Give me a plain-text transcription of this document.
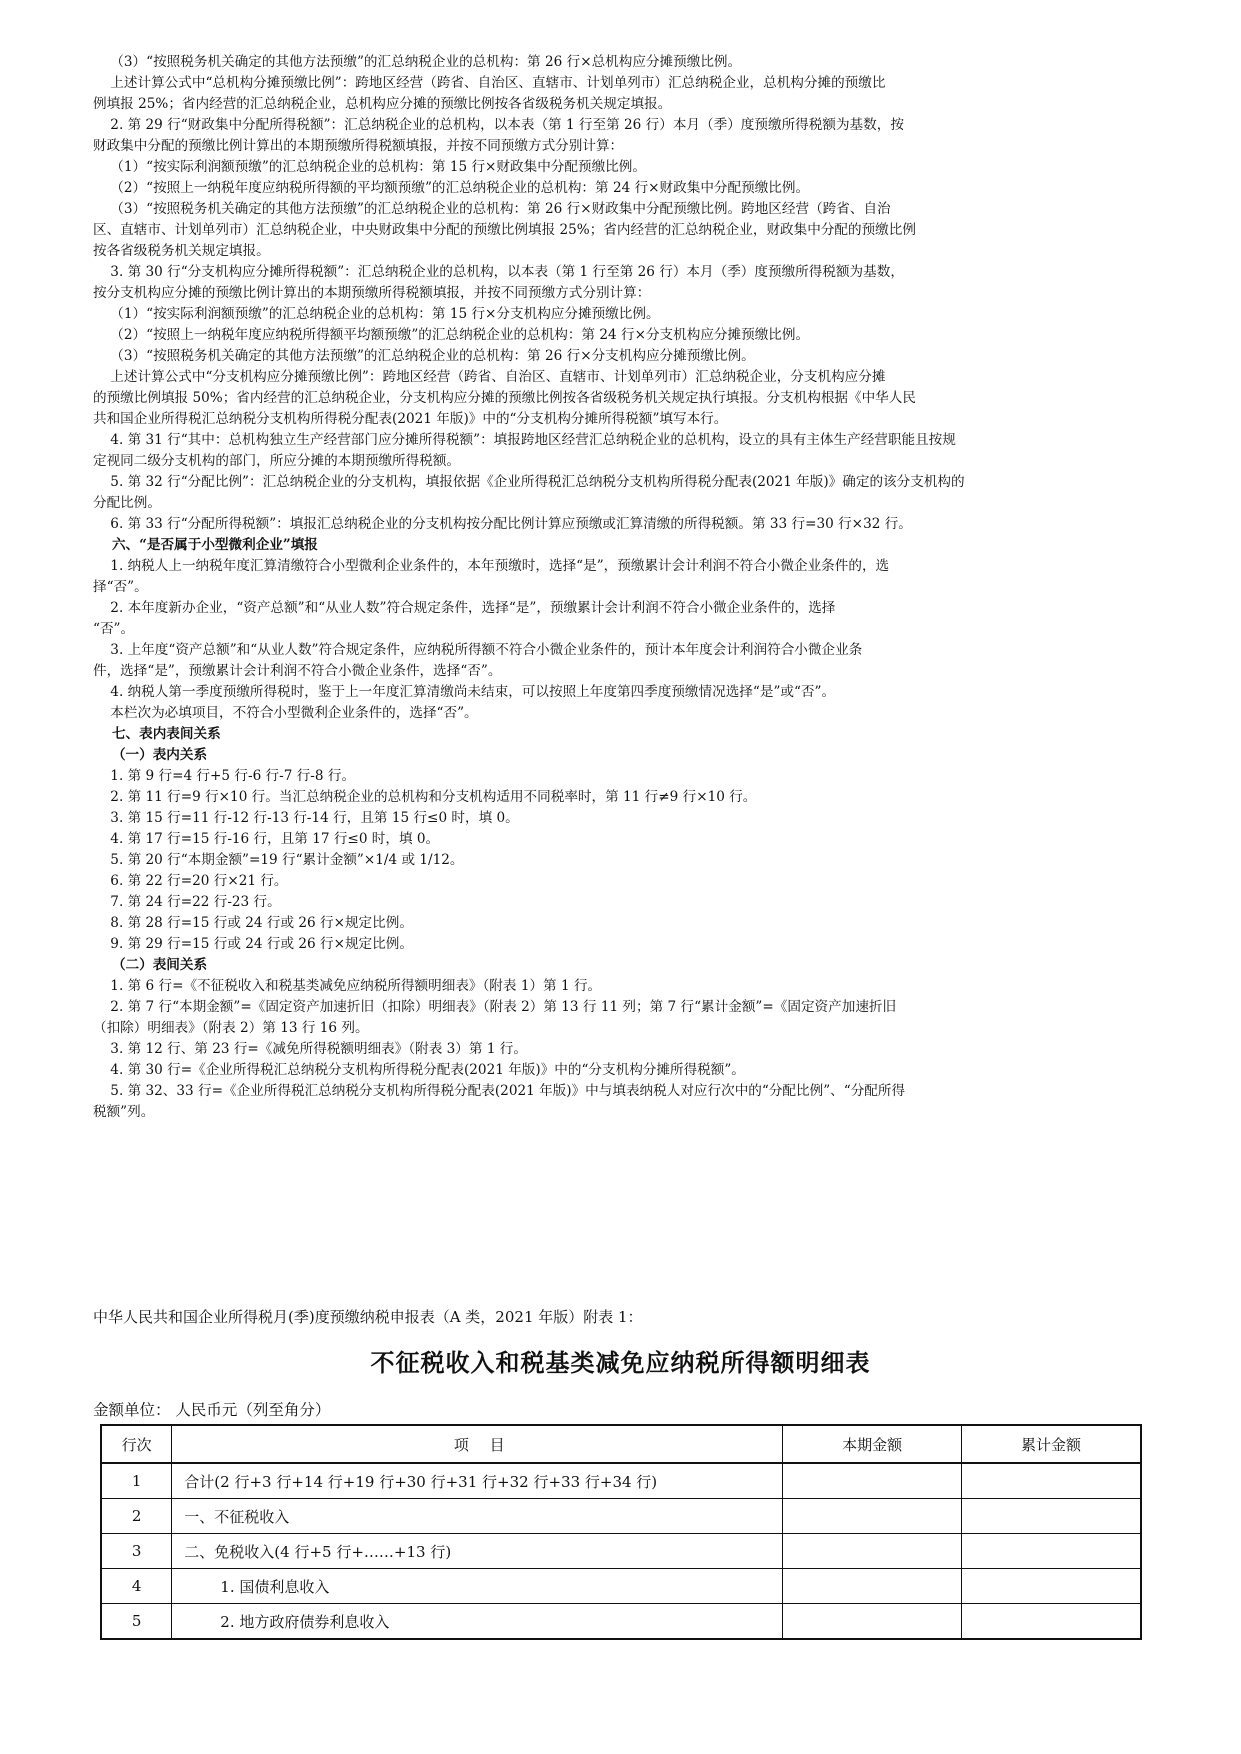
（3）“按照税务机关确定的其他方法预缴”的汇总纳税企业的总机构：第 26 行×总机构应分摊预缴比例。

上述计算公式中“总机构分摊预缴比例”：跨地区经营（跨省、自治区、直辖市、计划单列市）汇总纳税企业，总机构分摊的预缴比

例填报 25%；省内经营的汇总纳税企业，总机构应分摊的预缴比例按各省级税务机关规定填报。

2. 第 29 行“财政集中分配所得税额”：汇总纳税企业的总机构，以本表（第 1 行至第 26 行）本月（季）度预缴所得税额为基数，按

财政集中分配的预缴比例计算出的本期预缴所得税额填报，并按不同预缴方式分别计算：

（1）“按实际利润额预缴”的汇总纳税企业的总机构：第 15 行×财政集中分配预缴比例。

（2）“按照上一纳税年度应纳税所得额的平均额预缴”的汇总纳税企业的总机构：第 24 行×财政集中分配预缴比例。

（3）“按照税务机关确定的其他方法预缴”的汇总纳税企业的总机构：第 26 行×财政集中分配预缴比例。跨地区经营（跨省、自治

区、直辖市、计划单列市）汇总纳税企业，中央财政集中分配的预缴比例填报 25%；省内经营的汇总纳税企业，财政集中分配的预缴比例

按各省级税务机关规定填报。

3. 第 30 行“分支机构应分摊所得税额”：汇总纳税企业的总机构，以本表（第 1 行至第 26 行）本月（季）度预缴所得税额为基数，

按分支机构应分摊的预缴比例计算出的本期预缴所得税额填报，并按不同预缴方式分别计算：

（1）“按实际利润额预缴”的汇总纳税企业的总机构：第 15 行×分支机构应分摊预缴比例。

（2）“按照上一纳税年度应纳税所得额平均额预缴”的汇总纳税企业的总机构：第 24 行×分支机构应分摊预缴比例。

（3）“按照税务机关确定的其他方法预缴”的汇总纳税企业的总机构：第 26 行×分支机构应分摊预缴比例。

上述计算公式中“分支机构应分摊预缴比例”：跨地区经营（跨省、自治区、直辖市、计划单列市）汇总纳税企业，分支机构应分摊

的预缴比例填报 50%；省内经营的汇总纳税企业，分支机构应分摊的预缴比例按各省级税务机关规定执行填报。分支机构根据《中华人民

共和国企业所得税汇总纳税分支机构所得税分配表(2021 年版)》中的“分支机构分摊所得税额”填写本行。

4. 第 31 行“其中：总机构独立生产经营部门应分摊所得税额”：填报跨地区经营汇总纳税企业的总机构，设立的具有主体生产经营职能且按规

定视同二级分支机构的部门，所应分摊的本期预缴所得税额。

5. 第 32 行“分配比例”：汇总纳税企业的分支机构，填报依据《企业所得税汇总纳税分支机构所得税分配表(2021 年版)》确定的该分支机构的

分配比例。

6. 第 33 行“分配所得税额”：填报汇总纳税企业的分支机构按分配比例计算应预缴或汇算清缴的所得税额。第 33 行=30 行×32 行。

六、“是否属于小型微利企业”填报

1. 纳税人上一纳税年度汇算清缴符合小型微利企业条件的，本年预缴时，选择“是”，预缴累计会计利润不符合小微企业条件的，选

择“否”。

2. 本年度新办企业，“资产总额”和“从业人数”符合规定条件，选择“是”，预缴累计会计利润不符合小微企业条件的，选择

“否”。

3. 上年度“资产总额”和“从业人数”符合规定条件，应纳税所得额不符合小微企业条件的，预计本年度会计利润符合小微企业条

件，选择“是”，预缴累计会计利润不符合小微企业条件，选择“否”。

4. 纳税人第一季度预缴所得税时，鉴于上一年度汇算清缴尚未结束，可以按照上年度第四季度预缴情况选择“是”或“否”。

本栏次为必填项目，不符合小型微利企业条件的，选择“否”。

七、表内表间关系

（一）表内关系

1. 第 9 行=4 行+5 行-6 行-7 行-8 行。

2. 第 11 行=9 行×10 行。当汇总纳税企业的总机构和分支机构适用不同税率时，第 11 行≠9 行×10 行。

3. 第 15 行=11 行-12 行-13 行-14 行，且第 15 行≤0 时，填 0。

4. 第 17 行=15 行-16 行，且第 17 行≤0 时，填 0。

5. 第 20 行“本期金额”=19 行“累计金额”×1/4 或 1/12。

6. 第 22 行=20 行×21 行。

7. 第 24 行=22 行-23 行。

8. 第 28 行=15 行或 24 行或 26 行×规定比例。

9. 第 29 行=15 行或 24 行或 26 行×规定比例。

（二）表间关系

1. 第 6 行=《不征税收入和税基类减免应纳税所得额明细表》（附表 1）第 1 行。

2. 第 7 行“本期金额”=《固定资产加速折旧（扣除）明细表》（附表 2）第 13 行 11 列；第 7 行“累计金额”=《固定资产加速折旧

（扣除）明细表》（附表 2）第 13 行 16 列。

3. 第 12 行、第 23 行=《减免所得税额明细表》（附表 3）第 1 行。

4. 第 30 行=《企业所得税汇总纳税分支机构所得税分配表(2021 年版)》中的“分支机构分摊所得税额”。

5. 第 32、33 行=《企业所得税汇总纳税分支机构所得税分配表(2021 年版)》中与填表纳税人对应行次中的“分配比例”、“分配所得

税额”列。

中华人民共和国企业所得税月(季)度预缴纳税申报表（A 类，2021 年版）附表 1：
不征税收入和税基类减免应纳税所得额明细表
金额单位： 人民币元（列至角分）
行次	项 目	本期金额	累计金额
1	合计(2 行+3 行+14 行+19 行+30 行+31 行+32 行+33 行+34 行)		
2	一、不征税收入		
3	二、免税收入(4 行+5 行+……+13 行)		
4	1. 国债利息收入		
5	2. 地方政府债券利息收入		
